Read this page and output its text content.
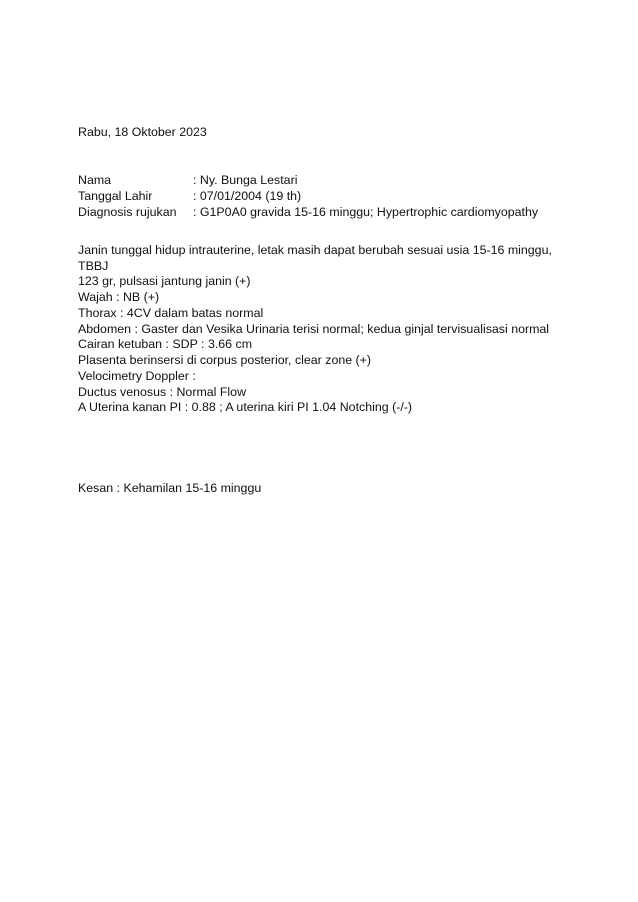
Rabu, 18 Oktober 2023
Nama	: Ny. Bunga Lestari
Tanggal Lahir	: 07/01/2004 (19 th)
Diagnosis rujukan : G1P0A0 gravida 15-16 minggu; Hypertrophic cardiomyopathy

Janin tunggal hidup intrauterine, letak masih dapat berubah sesuai usia 15-16 minggu, TBBJ

123 gr, pulsasi jantung janin (+)

Wajah : NB (+)

Thorax : 4CV dalam batas normal

Abdomen : Gaster dan Vesika Urinaria terisi normal; kedua ginjal tervisualisasi normal

Cairan ketuban : SDP : 3.66 cm

Plasenta berinsersi di corpus posterior, clear zone (+)

Velocimetry Doppler :

Ductus venosus : Normal Flow

A Uterina kanan PI : 0.88 ; A uterina kiri PI 1.04 Notching (-/-)

Kesan : Kehamilan 15-16 minggu
